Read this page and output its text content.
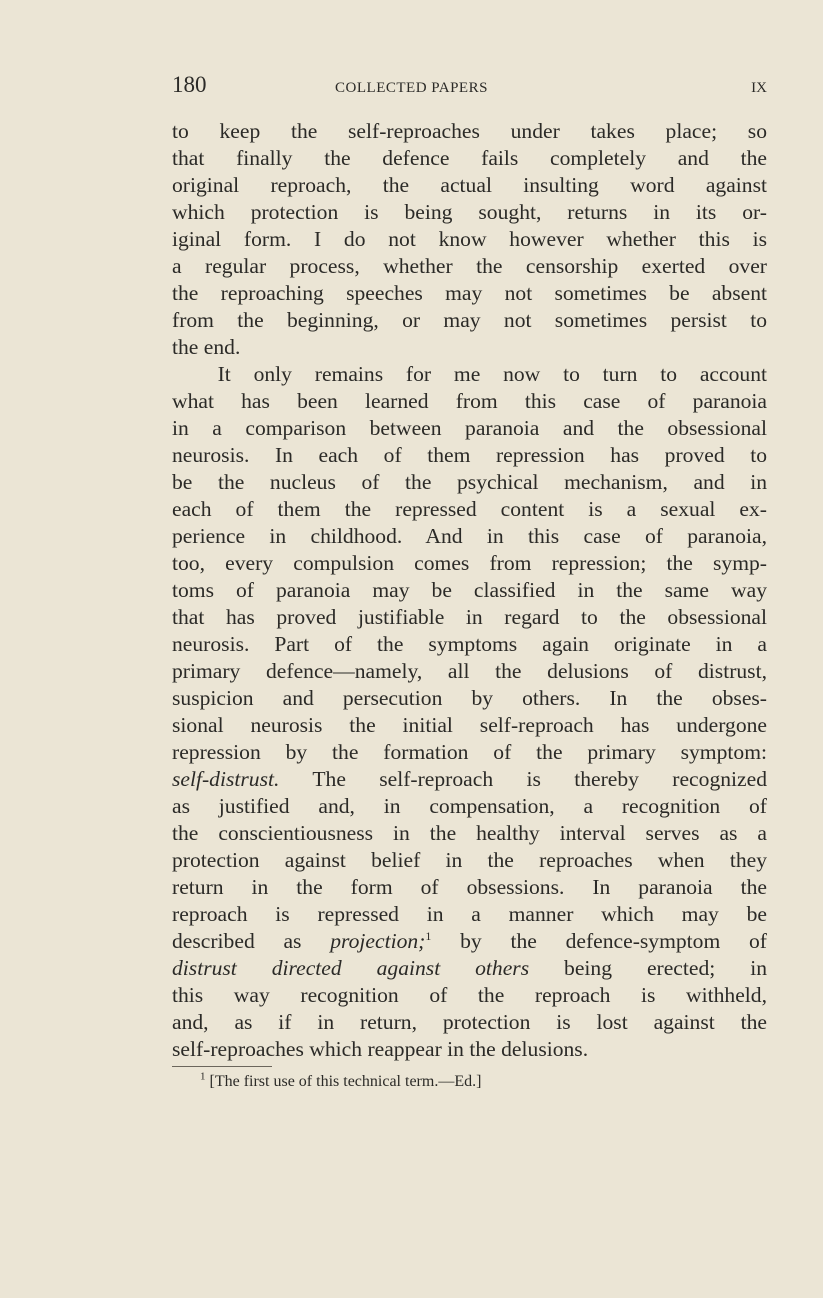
180	COLLECTED PAPERS	IX
to keep the self-reproaches under takes place; so
that finally the defence fails completely and the
original reproach, the actual insulting word against
which protection is being sought, returns in its or-
iginal form. I do not know however whether this is
a regular process, whether the censorship exerted over
the reproaching speeches may not sometimes be absent
from the beginning, or may not sometimes persist to
the end.
It only remains for me now to turn to account
what has been learned from this case of paranoia
in a comparison between paranoia and the obsessional
neurosis. In each of them repression has proved to
be the nucleus of the psychical mechanism, and in
each of them the repressed content is a sexual ex-
perience in childhood. And in this case of paranoia,
too, every compulsion comes from repression; the symp-
toms of paranoia may be classified in the same way
that has proved justifiable in regard to the obsessional
neurosis. Part of the symptoms again originate in a
primary defence—namely, all the delusions of distrust,
suspicion and persecution by others. In the obses-
sional neurosis the initial self-reproach has undergone
repression by the formation of the primary symptom:
self-distrust. The self-reproach is thereby recognized
as justified and, in compensation, a recognition of
the conscientiousness in the healthy interval serves as a
protection against belief in the reproaches when they
return in the form of obsessions. In paranoia the
reproach is repressed in a manner which may be
described as projection;$^1$ by the defence-symptom of
distrust directed against others being erected; in
this way recognition of the reproach is withheld,
and, as if in return, protection is lost against the
self-reproaches which reappear in the delusions.
$^1$ [The first use of this technical term.—Ed.]
